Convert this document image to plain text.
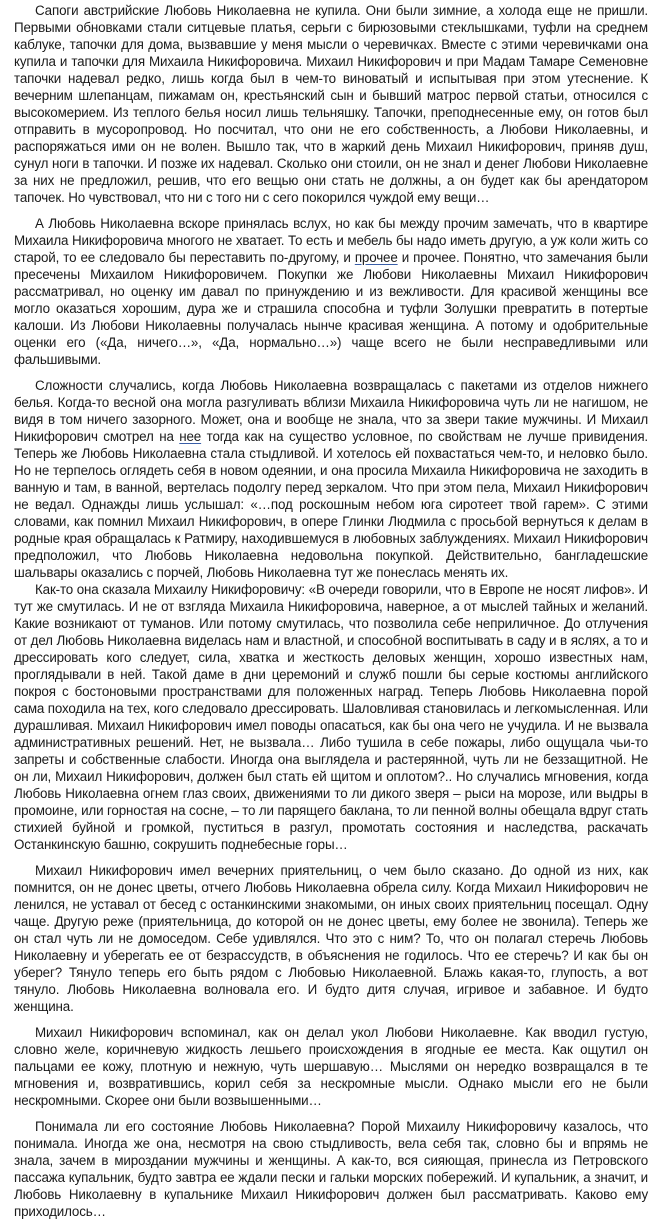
Сапоги австрийские Любовь Николаевна не купила. Они были зимние, а холода еще не пришли. Первыми обновками стали ситцевые платья, серьги с бирюзовыми стеклышками, туфли на среднем каблуке, тапочки для дома, вызвавшие у меня мысли о черевичках. Вместе с этими черевичками она купила и тапочки для Михаила Никифоровича. Михаил Никифорович и при Мадам Тамаре Семеновне тапочки надевал редко, лишь когда был в чем-то виноватый и испытывая при этом утеснение. К вечерним шлепанцам, пижамам он, крестьянский сын и бывший матрос первой статьи, относился с высокомерием. Из теплого белья носил лишь тельняшку. Тапочки, преподнесенные ему, он готов был отправить в мусоропровод. Но посчитал, что они не его собственность, а Любови Николаевны, и распоряжаться ими он не волен. Вышло так, что в жаркий день Михаил Никифорович, приняв душ, сунул ноги в тапочки. И позже их надевал. Сколько они стоили, он не знал и денег Любови Николаевне за них не предложил, решив, что его вещью они стать не должны, а он будет как бы арендатором тапочек. Но чувствовал, что ни с того ни с сего покорился чуждой ему вещи…

А Любовь Николаевна вскоре принялась вслух, но как бы между прочим замечать, что в квартире Михаила Никифоровича многого не хватает. То есть и мебель бы надо иметь другую, а уж коли жить со старой, то ее следовало бы переставить по-другому, и прочее и прочее. Понятно, что замечания были пресечены Михаилом Никифоровичем. Покупки же Любови Николаевны Михаил Никифорович рассматривал, но оценку им давал по принуждению и из вежливости. Для красивой женщины все могло оказаться хорошим, дура же и страшила способна и туфли Золушки превратить в потертые калоши. Из Любови Николаевны получалась нынче красивая женщина. А потому и одобрительные оценки его («Да, ничего…», «Да, нормально…») чаще всего не были несправедливыми или фальшивыми.

Сложности случались, когда Любовь Николаевна возвращалась с пакетами из отделов нижнего белья. Когда-то весной она могла разгуливать вблизи Михаила Никифоровича чуть ли не нагишом, не видя в том ничего зазорного. Может, она и вообще не знала, что за звери такие мужчины. И Михаил Никифорович смотрел на нее тогда как на существо условное, по свойствам не лучше привидения. Теперь же Любовь Николаевна стала стыдливой. И хотелось ей похвастаться чем-то, и неловко было. Но не терпелось оглядеть себя в новом одеянии, и она просила Михаила Никифоровича не заходить в ванную и там, в ванной, вертелась подолгу перед зеркалом. Что при этом пела, Михаил Никифорович не ведал. Однажды лишь услышал: «…под роскошным небом юга сиротеет твой гарем». С этими словами, как помнил Михаил Никифорович, в опере Глинки Людмила с просьбой вернуться к делам в родные края обращалась к Ратмиру, находившемуся в любовных заблуждениях. Михаил Никифорович предположил, что Любовь Николаевна недовольна покупкой. Действительно, бангладешские шальвары оказались с порчей, Любовь Николаевна тут же понеслась менять их.

Как-то она сказала Михаилу Никифоровичу: «В очереди говорили, что в Европе не носят лифов». И тут же смутилась. И не от взгляда Михаила Никифоровича, наверное, а от мыслей тайных и желаний. Какие возникают от туманов. Или потому смутилась, что позволила себе неприличное. До отлучения от дел Любовь Николаевна виделась нам и властной, и способной воспитывать в саду и в яслях, а то и дрессировать кого следует, сила, хватка и жесткость деловых женщин, хорошо известных нам, проглядывали в ней. Такой даме в дни церемоний и служб пошли бы серые костюмы английского покроя с бостоновыми пространствами для положенных наград. Теперь Любовь Николаевна порой сама походила на тех, кого следовало дрессировать. Шаловливая становилась и легкомысленная. Или дурашливая. Михаил Никифорович имел поводы опасаться, как бы она чего не учудила. И не вызвала административных решений. Нет, не вызвала… Либо тушила в себе пожары, либо ощущала чьи-то запреты и собственные слабости. Иногда она выглядела и растерянной, чуть ли не беззащитной. Не он ли, Михаил Никифорович, должен был стать ей щитом и оплотом?.. Но случались мгновения, когда Любовь Николаевна огнем глаз своих, движениями то ли дикого зверя – рыси на морозе, или выдры в промоине, или горностая на сосне, – то ли парящего баклана, то ли пенной волны обещала вдруг стать стихией буйной и громкой, пуститься в разгул, промотать состояния и наследства, раскачать Останкинскую башню, сокрушить поднебесные горы…

Михаил Никифорович имел вечерних приятельниц, о чем было сказано. До одной из них, как помнится, он не донес цветы, отчего Любовь Николаевна обрела силу. Когда Михаил Никифорович не ленился, не уставал от бесед с останкинскими знакомыми, он иных своих приятельниц посещал. Одну чаще. Другую реже (приятельница, до которой он не донес цветы, ему более не звонила). Теперь же он стал чуть ли не домоседом. Себе удивлялся. Что это с ним? То, что он полагал стеречь Любовь Николаевну и уберегать ее от безрассудств, в объяснения не годилось. Что ее стеречь? И как бы он уберег? Тянуло теперь его быть рядом с Любовью Николаевной. Блажь какая-то, глупость, а вот тянуло. Любовь Николаевна волновала его. И будто дитя случая, игривое и забавное. И будто женщина.

Михаил Никифорович вспоминал, как он делал укол Любови Николаевне. Как вводил густую, словно желе, коричневую жидкость лешьего происхождения в ягодные ее места. Как ощутил он пальцами ее кожу, плотную и нежную, чуть шершавую… Мыслями он нередко возвращался в те мгновения и, возвратившись, корил себя за нескромные мысли. Однако мысли его не были нескромными. Скорее они были возвышенными…

Понимала ли его состояние Любовь Николаевна? Порой Михаилу Никифоровичу казалось, что понимала. Иногда же она, несмотря на свою стыдливость, вела себя так, словно бы и впрямь не знала, зачем в мироздании мужчины и женщины. А как-то, вся сияющая, принесла из Петровского пассажа купальник, будто завтра ее ждали пески и гальки морских побережий. И купальник, а значит, и Любовь Николаевну в купальнике Михаил Никифорович должен был рассматривать. Каково ему приходилось…
